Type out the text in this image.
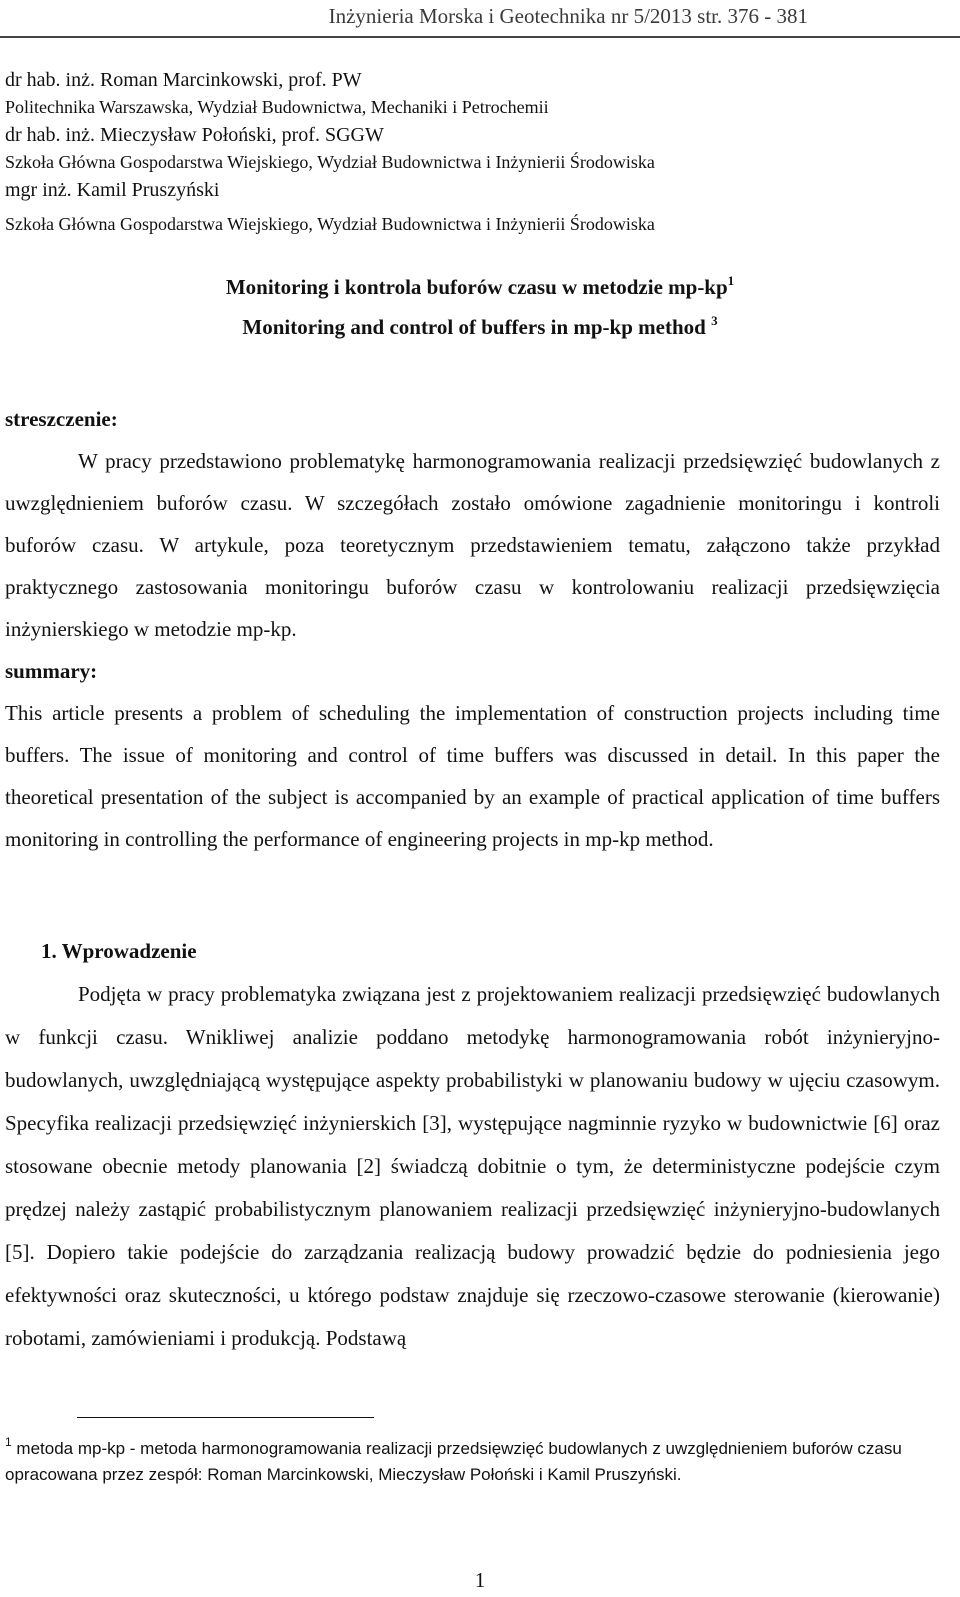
Inżynieria Morska i Geotechnika nr 5/2013 str. 376 - 381
dr hab. inż. Roman Marcinkowski, prof. PW
Politechnika Warszawska, Wydział Budownictwa, Mechaniki i Petrochemii
dr hab. inż. Mieczysław Połoński, prof. SGGW
Szkoła Główna Gospodarstwa Wiejskiego, Wydział Budownictwa i Inżynierii Środowiska
mgr inż. Kamil Pruszyński
Szkoła Główna Gospodarstwa Wiejskiego, Wydział Budownictwa i Inżynierii Środowiska
Monitoring i kontrola buforów czasu w metodzie $mp-kp^1$
Monitoring and control of buffers in mp-kp method $^3$
streszczenie:

W pracy przedstawiono problematykę harmonogramowania realizacji przedsięwzięć budowlanych z uwzględnieniem buforów czasu. W szczegółach zostało omówione zagadnienie monitoringu i kontroli buforów czasu. W artykule, poza teoretycznym przedstawieniem tematu, załączono także przykład praktycznego zastosowania monitoringu buforów czasu w kontrolowaniu realizacji przedsięwzięcia inżynierskiego w metodzie mp-kp.

summary:

This article presents a problem of scheduling the implementation of construction projects including time buffers. The issue of monitoring and control of time buffers was discussed in detail. In this paper the theoretical presentation of the subject is accompanied by an example of practical application of time buffers monitoring in controlling the performance of engineering projects in mp-kp method.

1. Wprowadzenie

Podjęta w pracy problematyka związana jest z projektowaniem realizacji przedsięwzięć budowlanych w funkcji czasu. Wnikliwej analizie poddano metodykę harmonogramowania robót inżynieryjno-budowlanych, uwzględniającą występujące aspekty probabilistyki w planowaniu budowy w ujęciu czasowym. Specyfika realizacji przedsięwzięć inżynierskich [3], występujące nagminnie ryzyko w budownictwie [6] oraz stosowane obecnie metody planowania [2] świadczą dobitnie o tym, że deterministyczne podejście czym prędzej należy zastąpić probabilistycznym planowaniem realizacji przedsięwzięć inżynieryjno-budowlanych [5]. Dopiero takie podejście do zarządzania realizacją budowy prowadzić będzie do podniesienia jego efektywności oraz skuteczności, u którego podstaw znajduje się rzeczowo-czasowe sterowanie (kierowanie) robotami, zamówieniami i produkcją. Podstawą

$^1$ metoda mp-kp - metoda harmonogramowania realizacji przedsięwzięć budowlanych z uwzględnieniem buforów czasu opracowana przez zespół: Roman Marcinkowski, Mieczysław Połoński i Kamil Pruszyński.
1
